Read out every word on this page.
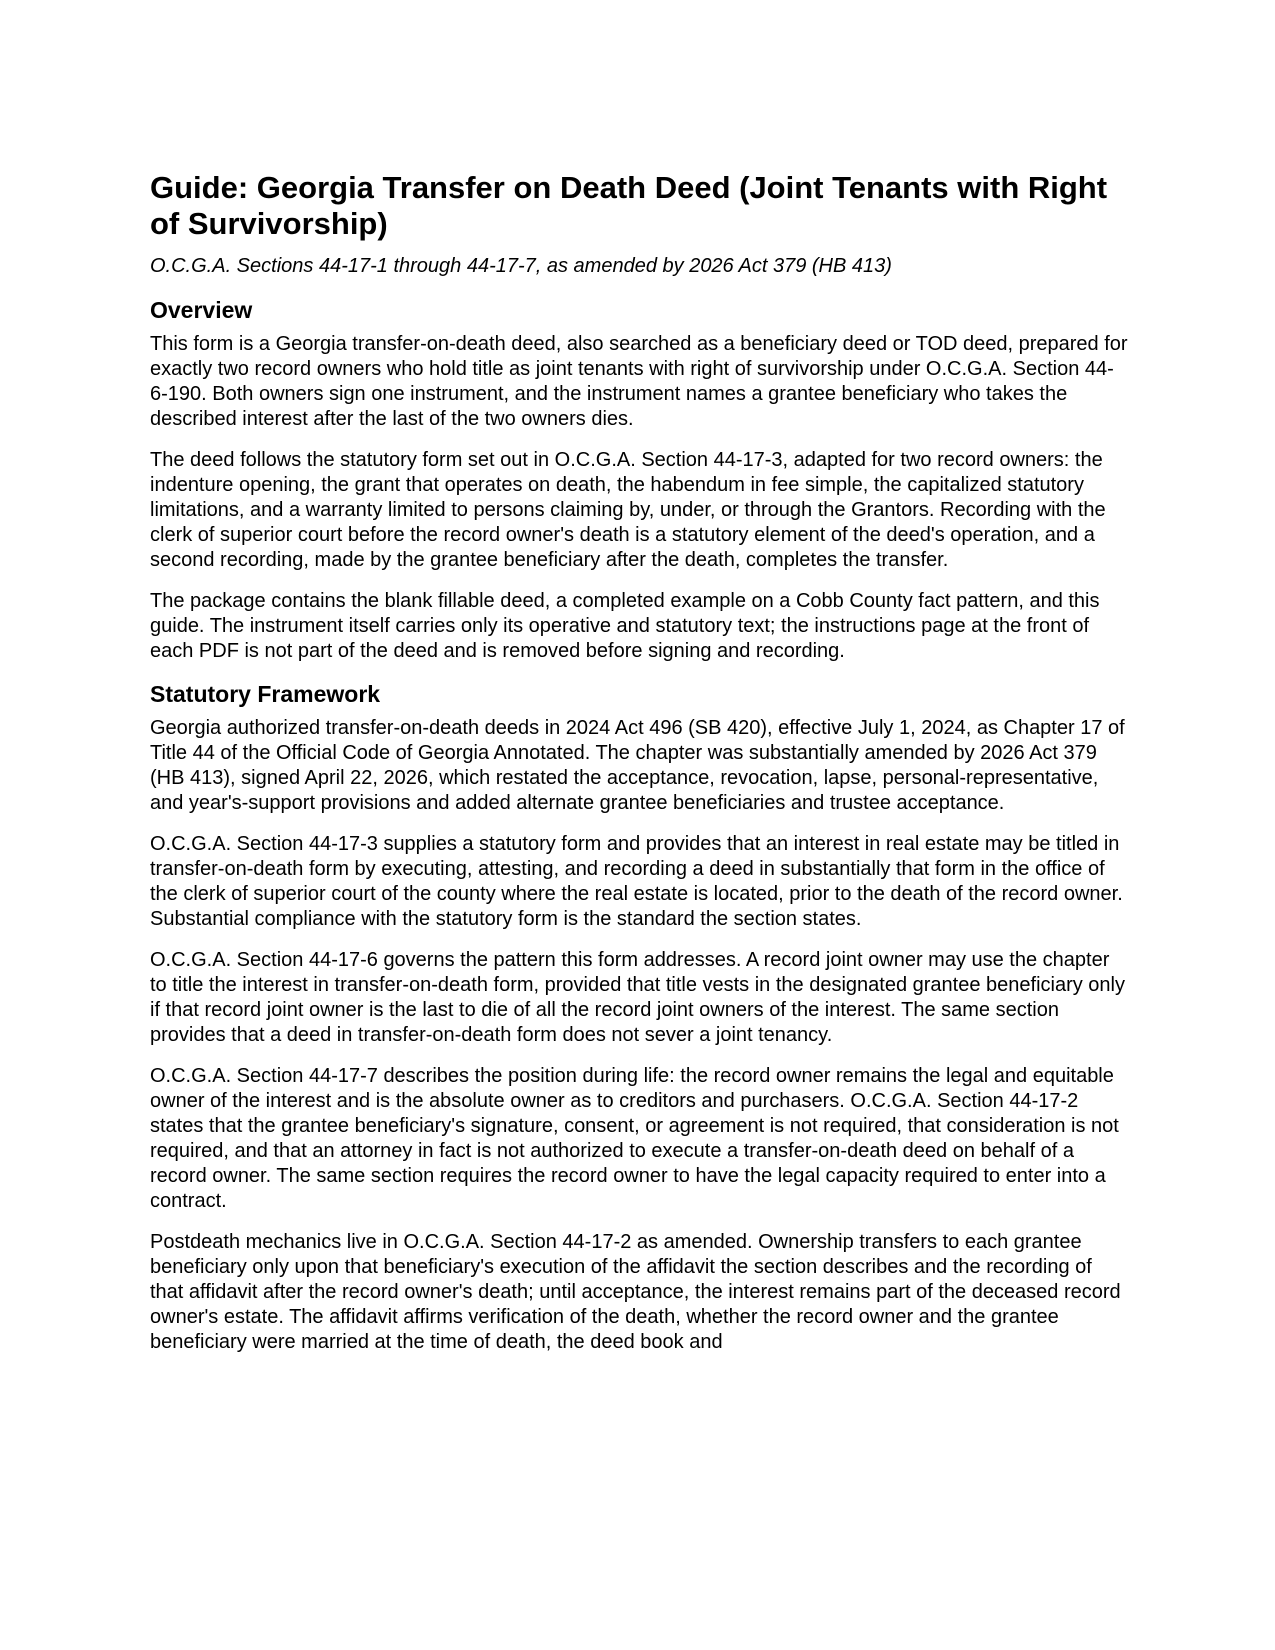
Guide: Georgia Transfer on Death Deed (Joint Tenants with Right of Survivorship)
O.C.G.A. Sections 44-17-1 through 44-17-7, as amended by 2026 Act 379 (HB 413)
Overview

This form is a Georgia transfer-on-death deed, also searched as a beneficiary deed or TOD deed, prepared for exactly two record owners who hold title as joint tenants with right of survivorship under O.C.G.A. Section 44-6-190. Both owners sign one instrument, and the instrument names a grantee beneficiary who takes the described interest after the last of the two owners dies.

The deed follows the statutory form set out in O.C.G.A. Section 44-17-3, adapted for two record owners: the indenture opening, the grant that operates on death, the habendum in fee simple, the capitalized statutory limitations, and a warranty limited to persons claiming by, under, or through the Grantors. Recording with the clerk of superior court before the record owner's death is a statutory element of the deed's operation, and a second recording, made by the grantee beneficiary after the death, completes the transfer.

The package contains the blank fillable deed, a completed example on a Cobb County fact pattern, and this guide. The instrument itself carries only its operative and statutory text; the instructions page at the front of each PDF is not part of the deed and is removed before signing and recording.

Statutory Framework

Georgia authorized transfer-on-death deeds in 2024 Act 496 (SB 420), effective July 1, 2024, as Chapter 17 of Title 44 of the Official Code of Georgia Annotated. The chapter was substantially amended by 2026 Act 379 (HB 413), signed April 22, 2026, which restated the acceptance, revocation, lapse, personal-representative, and year's-support provisions and added alternate grantee beneficiaries and trustee acceptance.

O.C.G.A. Section 44-17-3 supplies a statutory form and provides that an interest in real estate may be titled in transfer-on-death form by executing, attesting, and recording a deed in substantially that form in the office of the clerk of superior court of the county where the real estate is located, prior to the death of the record owner. Substantial compliance with the statutory form is the standard the section states.

O.C.G.A. Section 44-17-6 governs the pattern this form addresses. A record joint owner may use the chapter to title the interest in transfer-on-death form, provided that title vests in the designated grantee beneficiary only if that record joint owner is the last to die of all the record joint owners of the interest. The same section provides that a deed in transfer-on-death form does not sever a joint tenancy.

O.C.G.A. Section 44-17-7 describes the position during life: the record owner remains the legal and equitable owner of the interest and is the absolute owner as to creditors and purchasers. O.C.G.A. Section 44-17-2 states that the grantee beneficiary's signature, consent, or agreement is not required, that consideration is not required, and that an attorney in fact is not authorized to execute a transfer-on-death deed on behalf of a record owner. The same section requires the record owner to have the legal capacity required to enter into a contract.

Postdeath mechanics live in O.C.G.A. Section 44-17-2 as amended. Ownership transfers to each grantee beneficiary only upon that beneficiary's execution of the affidavit the section describes and the recording of that affidavit after the record owner's death; until acceptance, the interest remains part of the deceased record owner's estate. The affidavit affirms verification of the death, whether the record owner and the grantee beneficiary were married at the time of death, the deed book and
